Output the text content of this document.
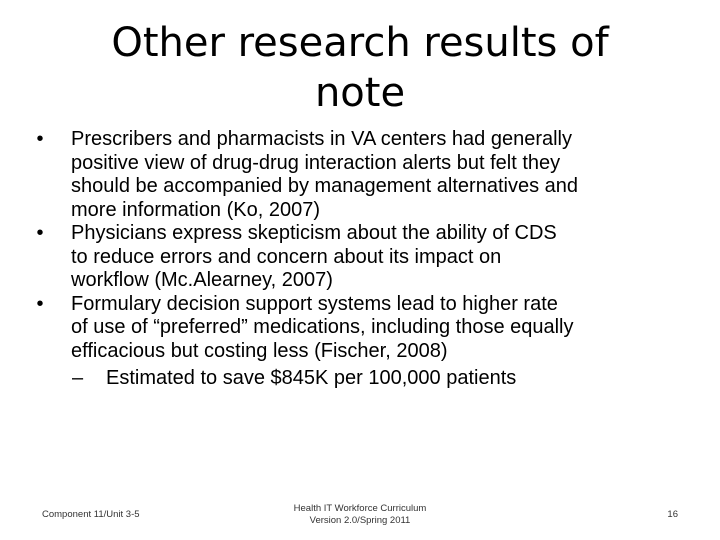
Other research results of
note
•	Prescribers and pharmacists in VA centers had generally
positive view of drug-drug interaction alerts but felt they
should be accompanied by management alternatives and
more information (Ko, 2007)
•	Physicians express skepticism about the ability of CDS
to reduce errors and concern about its impact on
workflow (Mc.Alearney, 2007)
•	Formulary decision support systems lead to higher rate
of use of “preferred” medications, including those equally
efficacious but costing less (Fischer, 2008)
– Estimated to save $845K per 100,000 patients
Component 11/Unit 3-5
Health IT Workforce Curriculum
Version 2.0/Spring 2011
16
